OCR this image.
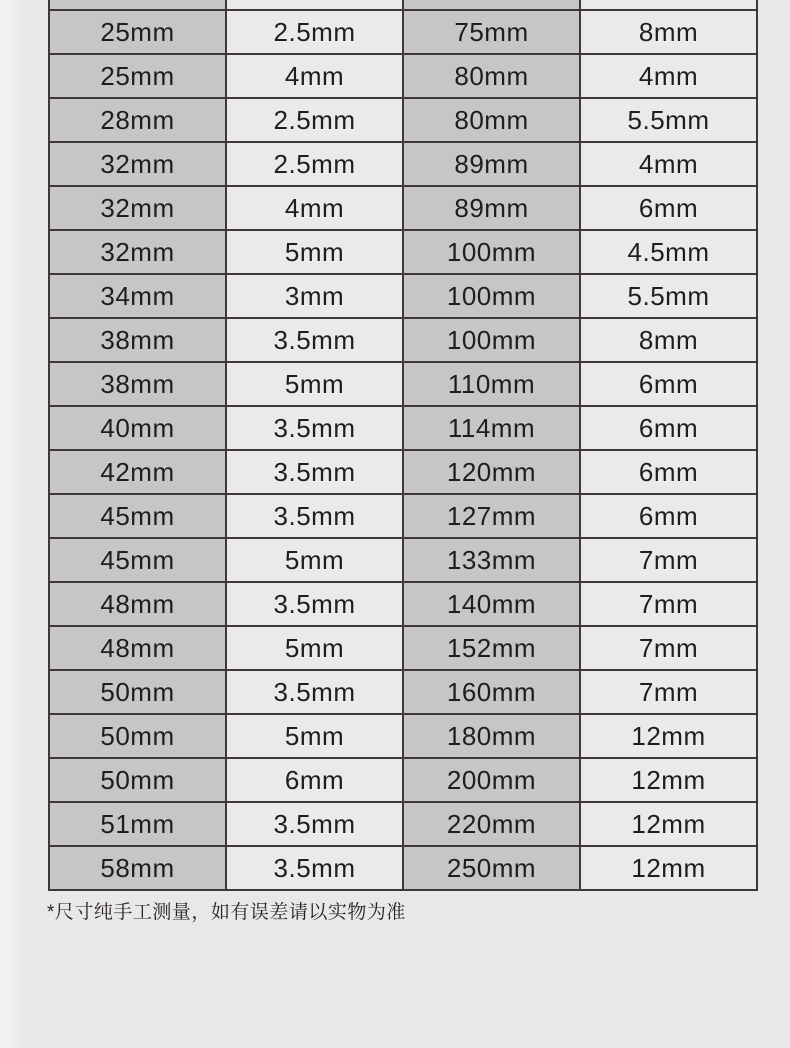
25mm	2.5mm	75mm	8mm
25mm	4mm	80mm	4mm
28mm	2.5mm	80mm	5.5mm
32mm	2.5mm	89mm	4mm
32mm	4mm	89mm	6mm
32mm	5mm	100mm	4.5mm
34mm	3mm	100mm	5.5mm
38mm	3.5mm	100mm	8mm
38mm	5mm	110mm	6mm
40mm	3.5mm	114mm	6mm
42mm	3.5mm	120mm	6mm
45mm	3.5mm	127mm	6mm
45mm	5mm	133mm	7mm
48mm	3.5mm	140mm	7mm
48mm	5mm	152mm	7mm
50mm	3.5mm	160mm	7mm
50mm	5mm	180mm	12mm
50mm	6mm	200mm	12mm
51mm	3.5mm	220mm	12mm
58mm	3.5mm	250mm	12mm
*尺寸纯手工测量，如有误差请以实物为准
